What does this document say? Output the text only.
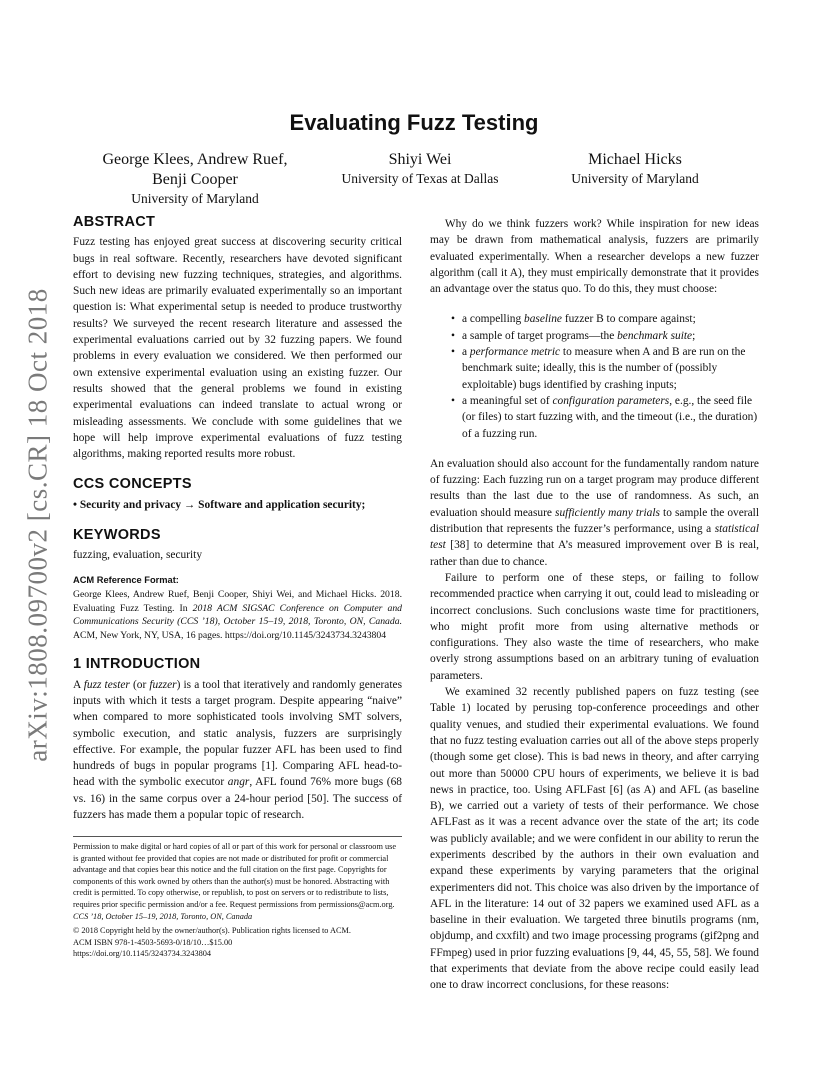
arXiv:1808.09700v2 [cs.CR] 18 Oct 2018
Evaluating Fuzz Testing
George Klees, Andrew Ruef,
Benji Cooper
University of Maryland
Shiyi Wei
University of Texas at Dallas
Michael Hicks
University of Maryland
ABSTRACT

Fuzz testing has enjoyed great success at discovering security critical bugs in real software. Recently, researchers have devoted significant effort to devising new fuzzing techniques, strategies, and algorithms. Such new ideas are primarily evaluated experimentally so an important question is: What experimental setup is needed to produce trustworthy results? We surveyed the recent research literature and assessed the experimental evaluations carried out by 32 fuzzing papers. We found problems in every evaluation we considered. We then performed our own extensive experimental evaluation using an existing fuzzer. Our results showed that the general problems we found in existing experimental evaluations can indeed translate to actual wrong or misleading assessments. We conclude with some guidelines that we hope will help improve experimental evaluations of fuzz testing algorithms, making reported results more robust.

CCS CONCEPTS

• Security and privacy → Software and application security;

KEYWORDS

fuzzing, evaluation, security

ACM Reference Format:

George Klees, Andrew Ruef, Benji Cooper, Shiyi Wei, and Michael Hicks. 2018. Evaluating Fuzz Testing. In 2018 ACM SIGSAC Conference on Computer and Communications Security (CCS ’18), October 15–19, 2018, Toronto, ON, Canada. ACM, New York, NY, USA, 16 pages. https://doi.org/10.1145/3243734.3243804

1 INTRODUCTION

A fuzz tester (or fuzzer) is a tool that iteratively and randomly generates inputs with which it tests a target program. Despite appearing “naive” when compared to more sophisticated tools involving SMT solvers, symbolic execution, and static analysis, fuzzers are surprisingly effective. For example, the popular fuzzer AFL has been used to find hundreds of bugs in popular programs [1]. Comparing AFL head-to-head with the symbolic executor angr, AFL found 76% more bugs (68 vs. 16) in the same corpus over a 24-hour period [50]. The success of fuzzers has made them a popular topic of research.

Permission to make digital or hard copies of all or part of this work for personal or classroom use is granted without fee provided that copies are not made or distributed for profit or commercial advantage and that copies bear this notice and the full citation on the first page. Copyrights for components of this work owned by others than the author(s) must be honored. Abstracting with credit is permitted. To copy otherwise, or republish, to post on servers or to redistribute to lists, requires prior specific permission and/or a fee. Request permissions from permissions@acm.org.

CCS ’18, October 15–19, 2018, Toronto, ON, Canada

© 2018 Copyright held by the owner/author(s). Publication rights licensed to ACM.

ACM ISBN 978-1-4503-5693-0/18/10…$15.00

https://doi.org/10.1145/3243734.3243804

Why do we think fuzzers work? While inspiration for new ideas may be drawn from mathematical analysis, fuzzers are primarily evaluated experimentally. When a researcher develops a new fuzzer algorithm (call it A), they must empirically demonstrate that it provides an advantage over the status quo. To do this, they must choose:

• a compelling baseline fuzzer B to compare against;
• a sample of target programs—the benchmark suite;
• a performance metric to measure when A and B are run on the benchmark suite; ideally, this is the number of (possibly exploitable) bugs identified by crashing inputs;
• a meaningful set of configuration parameters, e.g., the seed file (or files) to start fuzzing with, and the timeout (i.e., the duration) of a fuzzing run.

An evaluation should also account for the fundamentally random nature of fuzzing: Each fuzzing run on a target program may produce different results than the last due to the use of randomness. As such, an evaluation should measure sufficiently many trials to sample the overall distribution that represents the fuzzer’s performance, using a statistical test [38] to determine that A’s measured improvement over B is real, rather than due to chance.

Failure to perform one of these steps, or failing to follow recommended practice when carrying it out, could lead to misleading or incorrect conclusions. Such conclusions waste time for practitioners, who might profit more from using alternative methods or configurations. They also waste the time of researchers, who make overly strong assumptions based on an arbitrary tuning of evaluation parameters.

We examined 32 recently published papers on fuzz testing (see Table 1) located by perusing top-conference proceedings and other quality venues, and studied their experimental evaluations. We found that no fuzz testing evaluation carries out all of the above steps properly (though some get close). This is bad news in theory, and after carrying out more than 50000 CPU hours of experiments, we believe it is bad news in practice, too. Using AFLFast [6] (as A) and AFL (as baseline B), we carried out a variety of tests of their performance. We chose AFLFast as it was a recent advance over the state of the art; its code was publicly available; and we were confident in our ability to rerun the experiments described by the authors in their own evaluation and expand these experiments by varying parameters that the original experimenters did not. This choice was also driven by the importance of AFL in the literature: 14 out of 32 papers we examined used AFL as a baseline in their evaluation. We targeted three binutils programs (nm, objdump, and cxxfilt) and two image processing programs (gif2png and FFmpeg) used in prior fuzzing evaluations [9, 44, 45, 55, 58]. We found that experiments that deviate from the above recipe could easily lead one to draw incorrect conclusions, for these reasons:
